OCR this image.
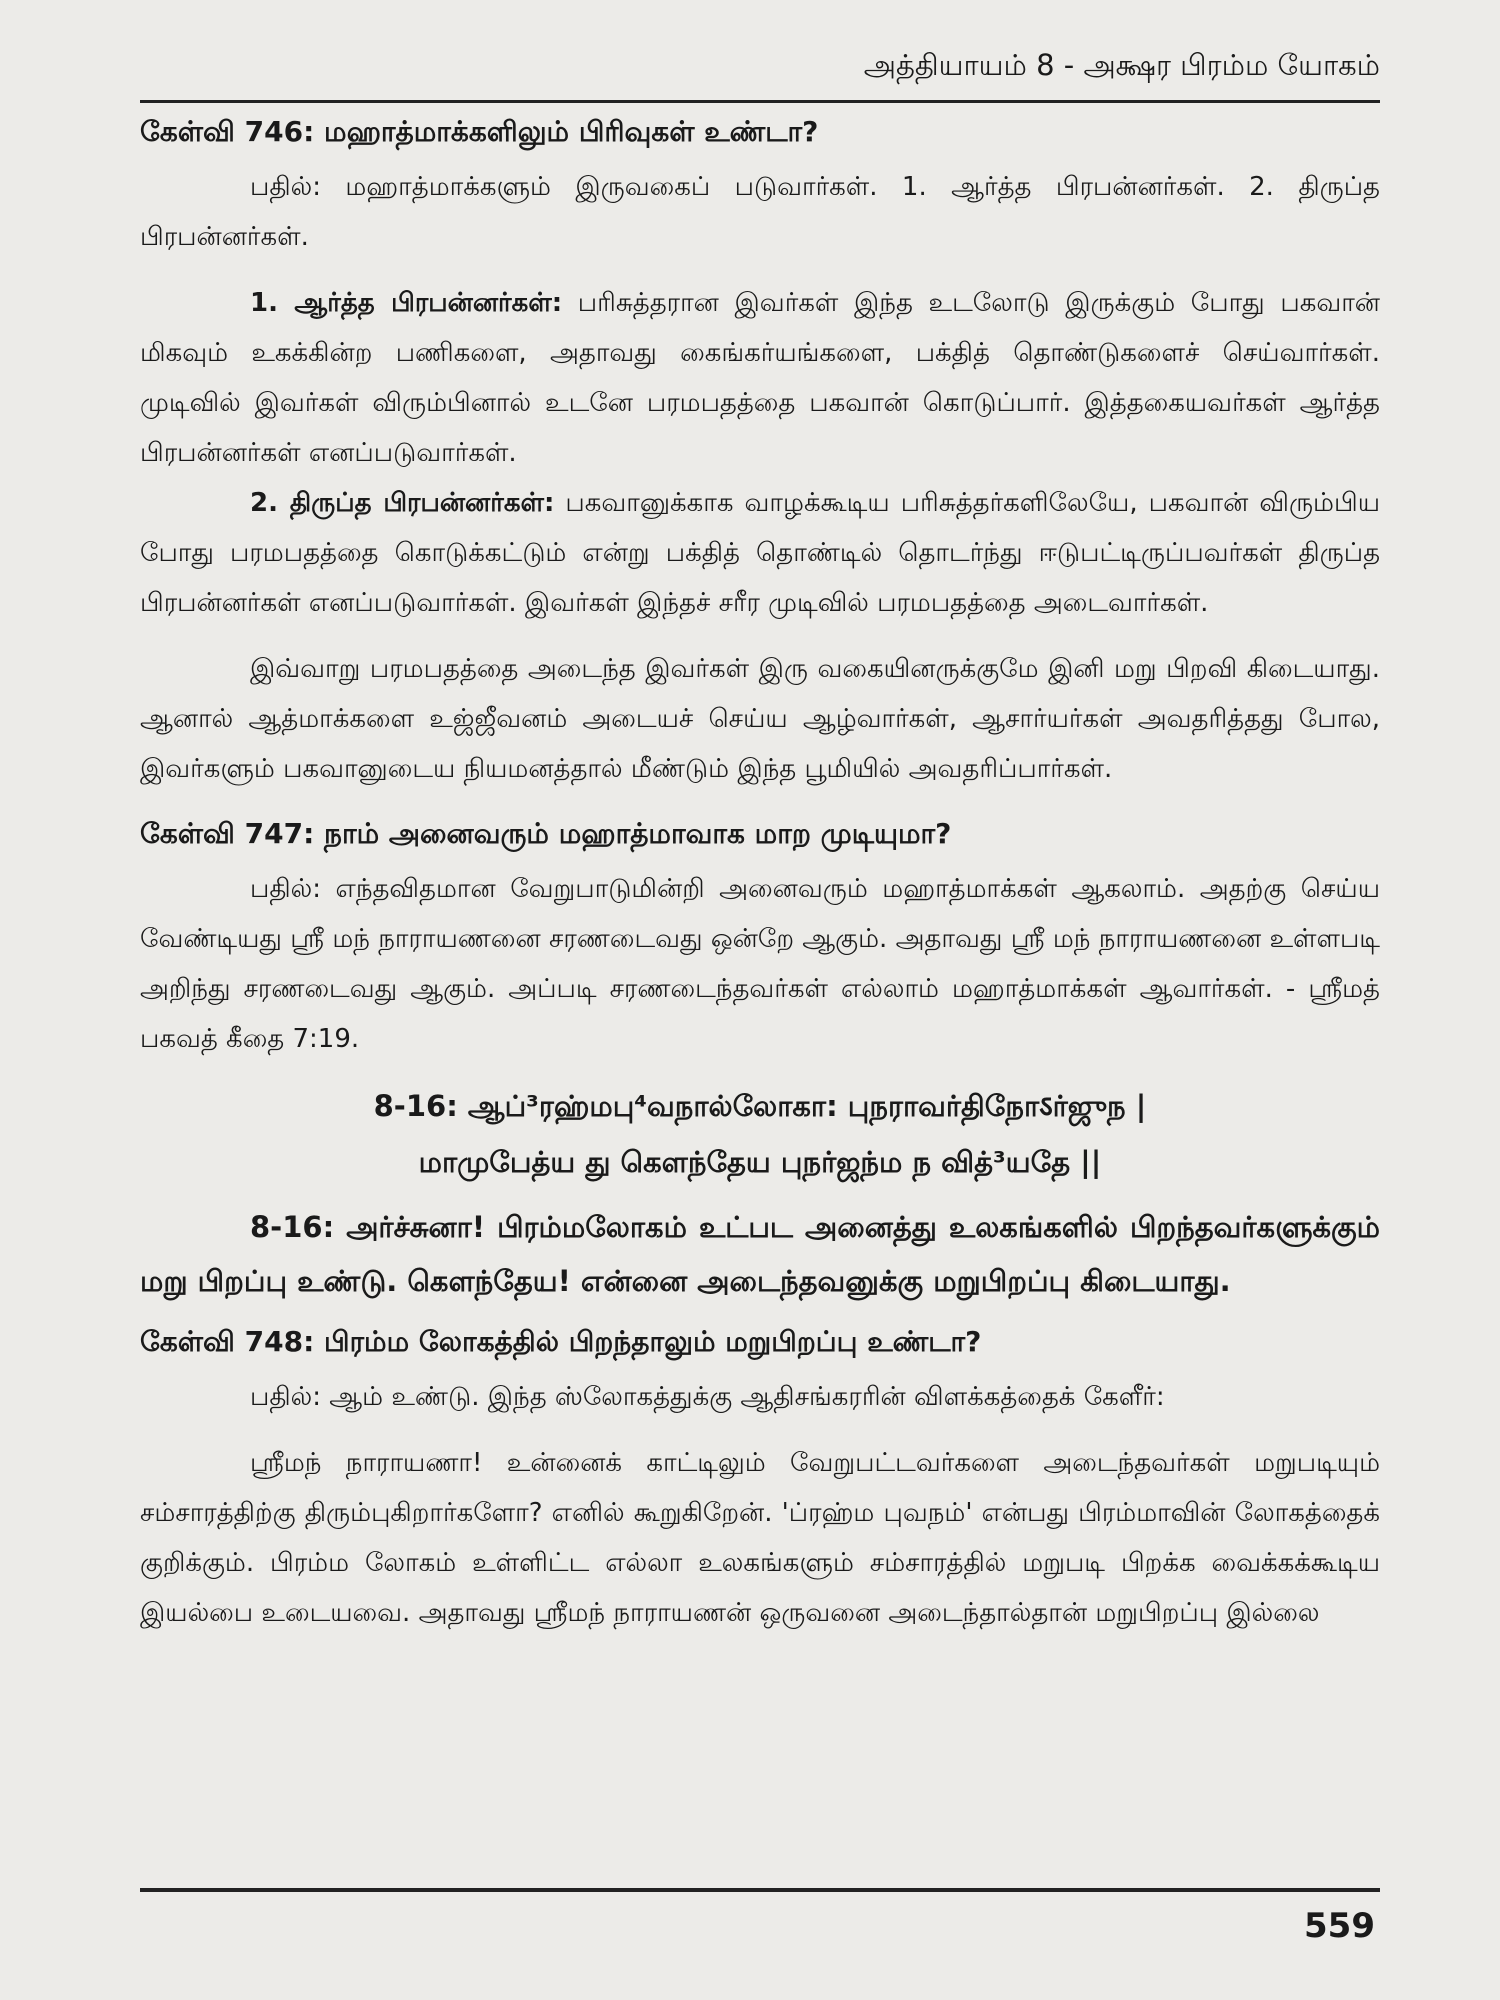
அத்தியாயம் 8 - அக்ஷர பிரம்ம யோகம்
கேள்வி 746: மஹாத்மாக்களிலும் பிரிவுகள் உண்டா?

பதில்: மஹாத்மாக்களும் இருவகைப் படுவார்கள். 1. ஆர்த்த பிரபன்னர்கள். 2. திருப்த பிரபன்னர்கள்.

1. ஆர்த்த பிரபன்னர்கள்: பரிசுத்தரான இவர்கள் இந்த உடலோடு இருக்கும் போது பகவான் மிகவும் உகக்கின்ற பணிகளை, அதாவது கைங்கர்யங்களை, பக்தித் தொண்டுகளைச் செய்வார்கள். முடிவில் இவர்கள் விரும்பினால் உடனே பரமபதத்தை பகவான் கொடுப்பார். இத்தகையவர்கள் ஆர்த்த பிரபன்னர்கள் எனப்படுவார்கள்.

2. திருப்த பிரபன்னர்கள்: பகவானுக்காக வாழக்கூடிய பரிசுத்தர்களிலேயே, பகவான் விரும்பிய போது பரமபதத்தை கொடுக்கட்டும் என்று பக்தித் தொண்டில் தொடர்ந்து ஈடுபட்டிருப்பவர்கள் திருப்த பிரபன்னர்கள் எனப்படுவார்கள். இவர்கள் இந்தச் சரீர முடிவில் பரமபதத்தை அடைவார்கள்.

இவ்வாறு பரமபதத்தை அடைந்த இவர்கள் இரு வகையினருக்குமே இனி மறு பிறவி கிடையாது. ஆனால் ஆத்மாக்களை உஜ்ஜீவனம் அடையச் செய்ய ஆழ்வார்கள், ஆசார்யர்கள் அவதரித்தது போல, இவர்களும் பகவானுடைய நியமனத்தால் மீண்டும் இந்த பூமியில் அவதரிப்பார்கள்.

கேள்வி 747: நாம் அனைவரும் மஹாத்மாவாக மாற முடியுமா?

பதில்: எந்தவிதமான வேறுபாடுமின்றி அனைவரும் மஹாத்மாக்கள் ஆகலாம். அதற்கு செய்ய வேண்டியது ஸ்ரீ மந் நாராயணனை சரணடைவது ஒன்றே ஆகும். அதாவது ஸ்ரீ மந் நாராயணனை உள்ளபடி அறிந்து சரணடைவது ஆகும். அப்படி சரணடைந்தவர்கள் எல்லாம் மஹாத்மாக்கள் ஆவார்கள். - ஸ்ரீமத் பகவத் கீதை 7:19.

8-16: ஆப்³ரஹ்மபு⁴வநால்லோகா: புநராவர்திநோऽர்ஜுந |
மாமுபேத்ய து கௌந்தேய புநர்ஜந்ம ந வித்³யதே ||

8-16: அர்ச்சுனா! பிரம்மலோகம் உட்பட அனைத்து உலகங்களில் பிறந்தவர்களுக்கும் மறு பிறப்பு உண்டு. கௌந்தேய! என்னை அடைந்தவனுக்கு மறுபிறப்பு கிடையாது.

கேள்வி 748: பிரம்ம லோகத்தில் பிறந்தாலும் மறுபிறப்பு உண்டா?

பதில்: ஆம் உண்டு. இந்த ஸ்லோகத்துக்கு ஆதிசங்கரரின் விளக்கத்தைக் கேளீர்:

ஸ்ரீமந் நாராயணா! உன்னைக் காட்டிலும் வேறுபட்டவர்களை அடைந்தவர்கள் மறுபடியும் சம்சாரத்திற்கு திரும்புகிறார்களோ? எனில் கூறுகிறேன். 'ப்ரஹ்ம புவநம்' என்பது பிரம்மாவின் லோகத்தைக் குறிக்கும். பிரம்ம லோகம் உள்ளிட்ட எல்லா உலகங்களும் சம்சாரத்தில் மறுபடி பிறக்க வைக்கக்கூடிய இயல்பை உடையவை. அதாவது ஸ்ரீமந் நாராயணன் ஒருவனை அடைந்தால்தான் மறுபிறப்பு இல்லை

559
